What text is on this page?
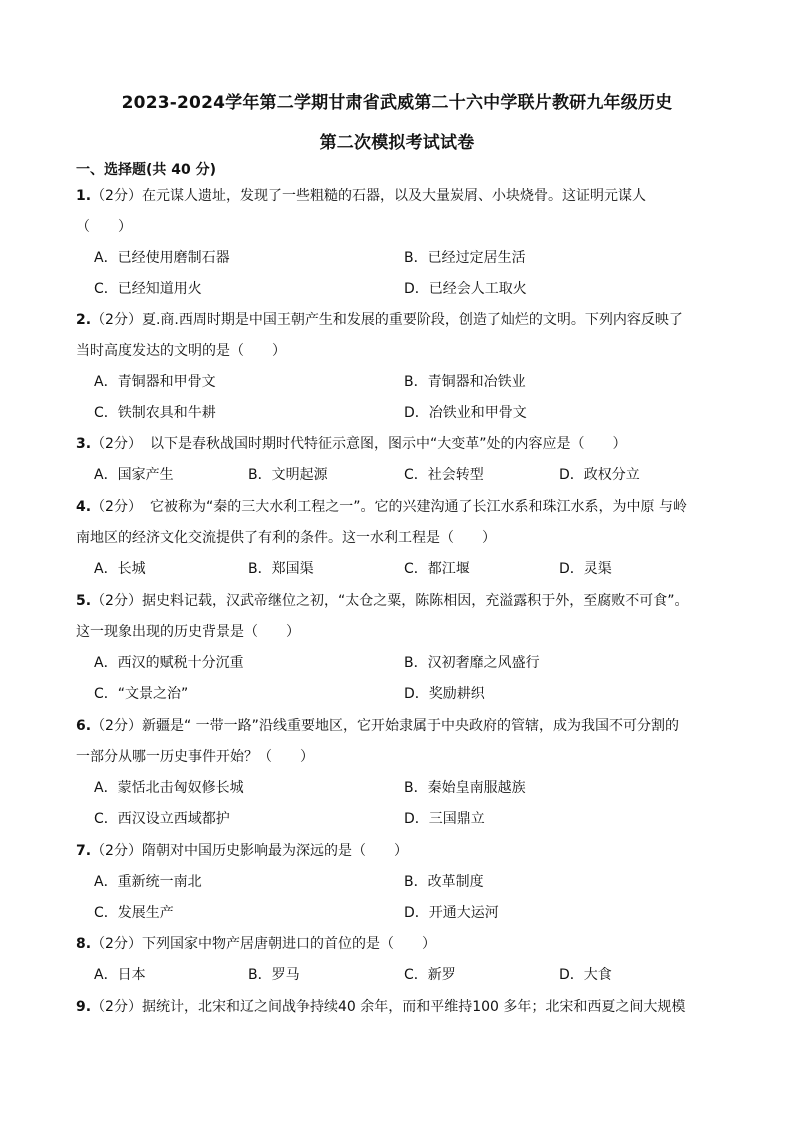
2023-2024学年第二学期甘肃省武威第二十六中学联片教研九年级历史
第二次模拟考试试卷
一、选择题(共 40 分)
1.（2分）在元谋人遗址，发现了一些粗糙的石器，以及大量炭屑、小块烧骨。这证明元谋人
（　　）
A．已经使用磨制石器	B．已经过定居生活
C．已经知道用火	D．已经会人工取火
2.（2分）夏.商.西周时期是中国王朝产生和发展的重要阶段，创造了灿烂的文明。下列内容反映了
当时高度发达的文明的是（　　）
A．青铜器和甲骨文	B．青铜器和冶铁业
C．铁制农具和牛耕	D．冶铁业和甲骨文
3.（2分） 以下是春秋战国时期时代特征示意图，图示中“大变革”处的内容应是（　　）
A．国家产生	B．文明起源	C．社会转型	D．政权分立
4.（2分） 它被称为“秦的三大水利工程之一”。它的兴建沟通了长江水系和珠江水系，为中原 与岭
南地区的经济文化交流提供了有利的条件。这一水利工程是（　　）
A．长城	B．郑国渠	C．都江堰	D．灵渠
5.（2分）据史料记载，汉武帝继位之初，“太仓之粟，陈陈相因，充溢露积于外，至腐败不可食”。
这一现象出现的历史背景是（　　）
A．西汉的赋税十分沉重	B．汉初奢靡之风盛行
C．“文景之治”	D．奖励耕织
6.（2分）新疆是“ 一带一路”沿线重要地区，它开始隶属于中央政府的管辖，成为我国不可分割的
一部分从哪一历史事件开始？（　　）
A．蒙恬北击匈奴修长城	B．秦始皇南服越族
C．西汉设立西域都护	D．三国鼎立
7.（2分）隋朝对中国历史影响最为深远的是（　　）
A．重新统一南北	B．改革制度
C．发展生产	D．开通大运河
8.（2分）下列国家中物产居唐朝进口的首位的是（　　）
A．日本	B．罗马	C．新罗	D．大食
9.（2分）据统计，北宋和辽之间战争持续40 余年，而和平维持100 多年；北宋和西夏之间大规模
